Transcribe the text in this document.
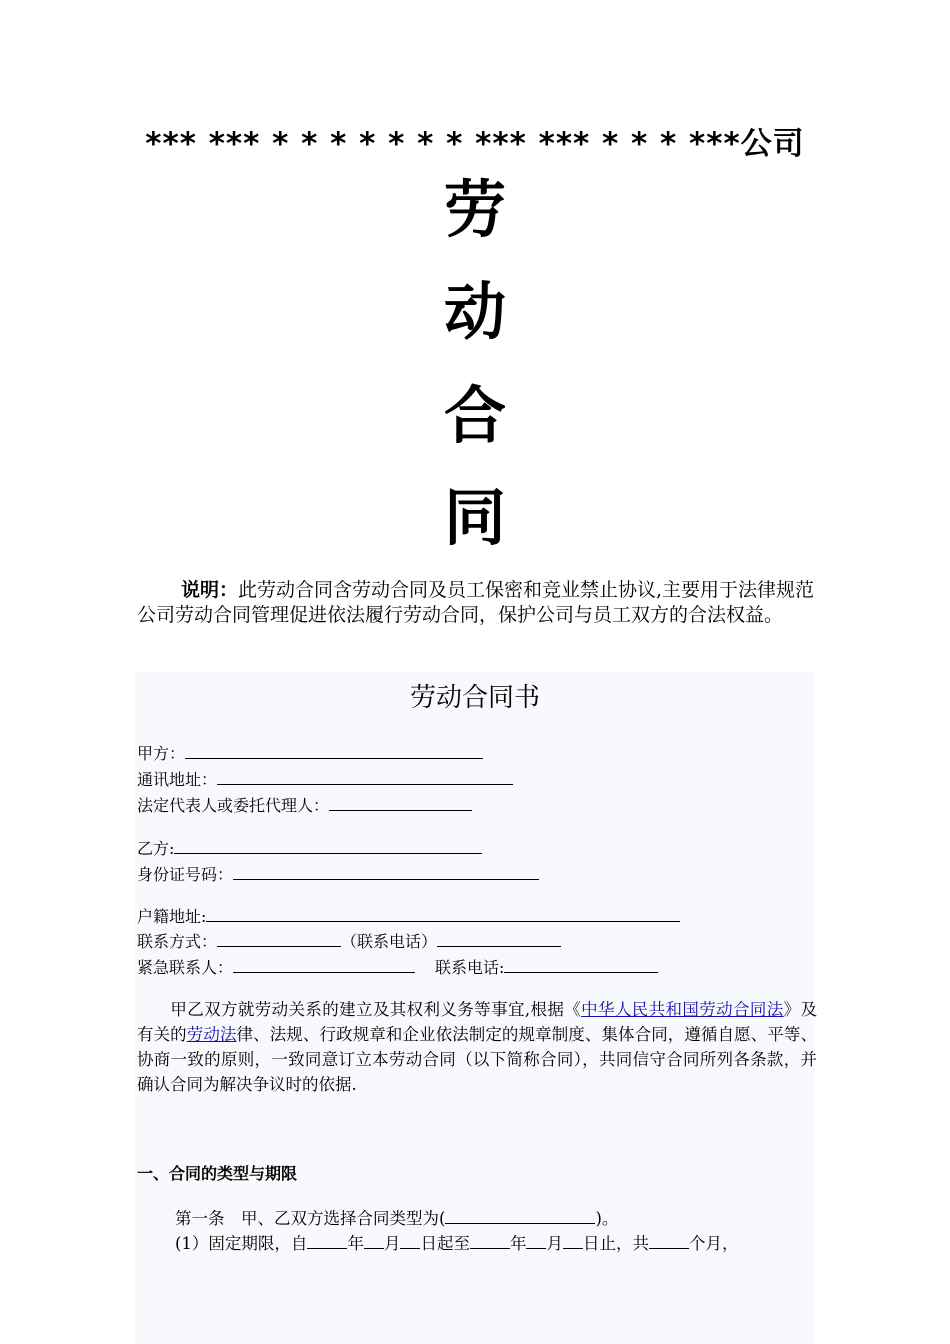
*** *** * * * * * * * *** *** * * * ***公司
劳
动
合
同
说明：此劳动合同含劳动合同及员工保密和竞业禁止协议,主要用于法律规范公司劳动合同管理促进依法履行劳动合同，保护公司与员工双方的合法权益。
劳动合同书
甲方：
通讯地址：
法定代表人或委托代理人：
乙方:
身份证号码：
户籍地址:
联系方式：	（联系电话）
紧急联系人：	联系电话:
甲乙双方就劳动关系的建立及其权利义务等事宜,根据《中华人民共和国劳动合同法》及有关的劳动法律、法规、行政规章和企业依法制定的规章制度、集体合同，遵循自愿、平等、协商一致的原则，一致同意订立本劳动合同（以下简称合同），共同信守合同所列各条款，并确认合同为解决争议时的依据.
一、合同的类型与期限
第一条　甲、乙双方选择合同类型为(	)。
(1）固定期限，自 年 月 日起至 年 月 日止，共 个月，
